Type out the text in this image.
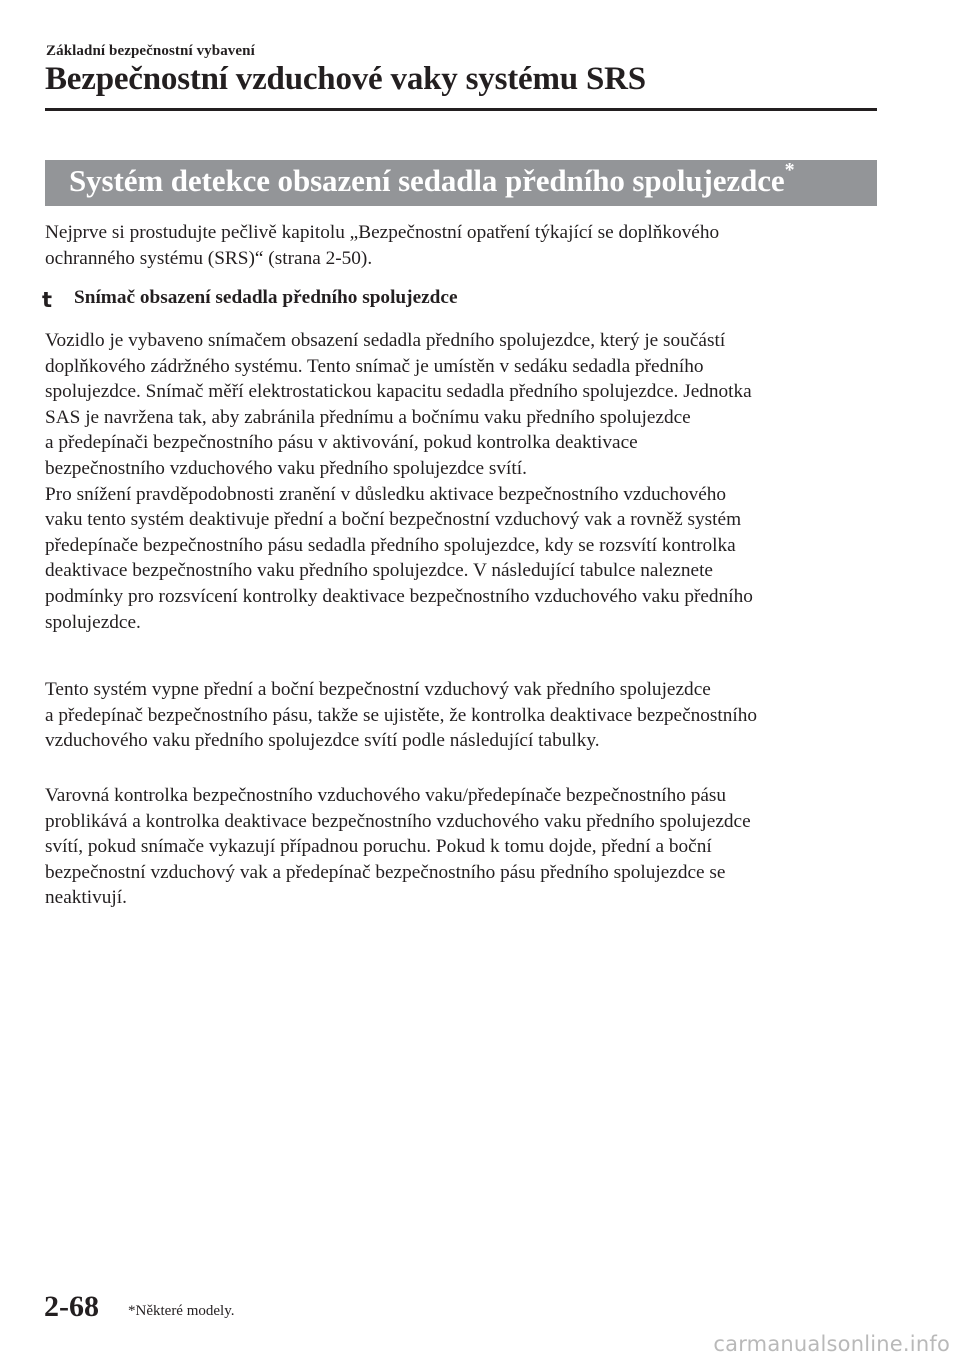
Základní bezpečnostní vybavení
Bezpečnostní vzduchové vaky systému SRS
Systém detekce obsazení sedadla předního spolujezdce*
Nejprve si prostudujte pečlivě kapitolu „Bezpečnostní opatření týkající se doplňkového
ochranného systému (SRS)“ (strana 2-50).
t Snímač obsazení sedadla předního spolujezdce
Vozidlo je vybaveno snímačem obsazení sedadla předního spolujezdce, který je součástí
doplňkového zádržného systému. Tento snímač je umístěn v sedáku sedadla předního
spolujezdce. Snímač měří elektrostatickou kapacitu sedadla předního spolujezdce. Jednotka
SAS je navržena tak, aby zabránila přednímu a bočnímu vaku předního spolujezdce
a předepínači bezpečnostního pásu v aktivování, pokud kontrolka deaktivace
bezpečnostního vzduchového vaku předního spolujezdce svítí.
Pro snížení pravděpodobnosti zranění v důsledku aktivace bezpečnostního vzduchového
vaku tento systém deaktivuje přední a boční bezpečnostní vzduchový vak a rovněž systém
předepínače bezpečnostního pásu sedadla předního spolujezdce, kdy se rozsvítí kontrolka
deaktivace bezpečnostního vaku předního spolujezdce. V následující tabulce naleznete
podmínky pro rozsvícení kontrolky deaktivace bezpečnostního vzduchového vaku předního
spolujezdce.
Tento systém vypne přední a boční bezpečnostní vzduchový vak předního spolujezdce
a předepínač bezpečnostního pásu, takže se ujistěte, že kontrolka deaktivace bezpečnostního
vzduchového vaku předního spolujezdce svítí podle následující tabulky.
Varovná kontrolka bezpečnostního vzduchového vaku/předepínače bezpečnostního pásu
problikává a kontrolka deaktivace bezpečnostního vzduchového vaku předního spolujezdce
svítí, pokud snímače vykazují případnou poruchu. Pokud k tomu dojde, přední a boční
bezpečnostní vzduchový vak a předepínač bezpečnostního pásu předního spolujezdce se
neaktivují.
2-68 *Některé modely.
carmanualsonline.info
